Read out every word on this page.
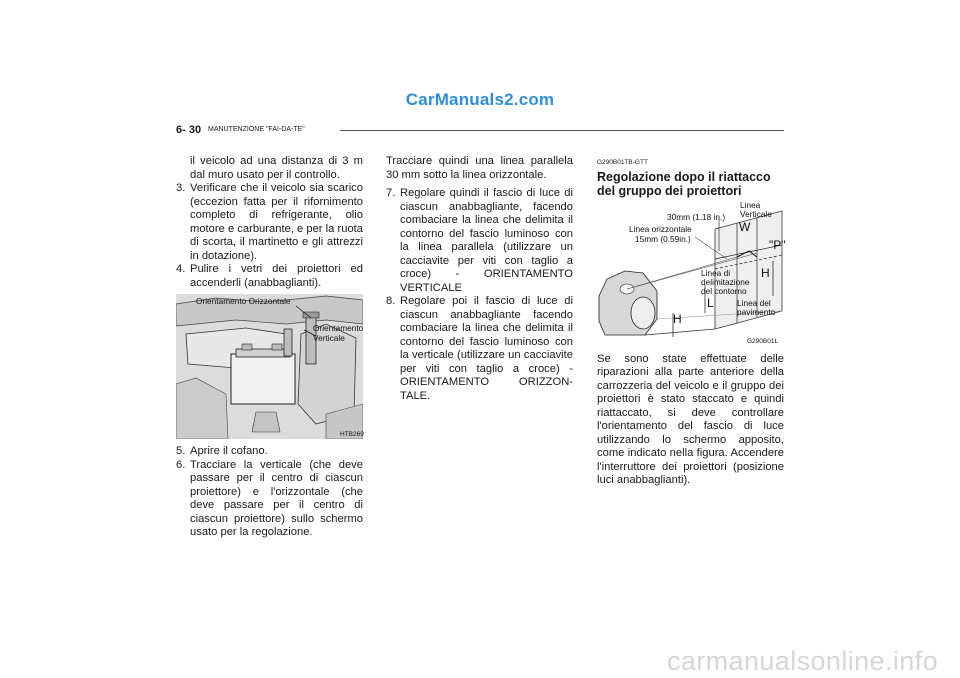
CarManuals2.com
6- 30 MANUTENZIONE "FAI-DA-TE"

il veicolo ad una distanza di 3 m dal muro usato per il controllo.

3. Verificare che il veicolo sia scarico (eccezion fatta per il rifornimento completo di refrigerante, olio motore e carburante, e per la ruota di scorta, il martinetto e gli attrezzi in dotazione).
4. Pulire i vetri dei proiettori ed accenderli (anabbaglianti).
Orientamento Orizzontale
Orientamento
Verticale
HTB269
5. Aprire il cofano.
6. Tracciare la verticale (che deve passare per il centro di ciascun proiettore) e l'orizzontale (che deve passare per il centro di ciascun proiettore) sullo schermo usato per la regolazione.

Tracciare quindi una linea parallela 30 mm sotto la linea orizzontale.

7. Regolare quindi il fascio di luce di ciascun anabbagliante, facendo combaciare la linea che delimita il contorno del fascio luminoso con la linea parallela (utilizzare un cacciavite per viti con taglio a croce) - ORIENTAMENTO VERTICALE
8. Regolare poi il fascio di luce di ciascun anabbagliante facendo combaciare la linea che delimita il contorno del fascio luminoso con la verticale (utilizzare un cacciavite per viti con taglio a croce) - ORIENTAMENTO ORIZZON-TALE.

G290B01TB-GTT

Regolazione dopo il riattacco del gruppo dei proiettori

Linea
Verticale
30mm (1.18 in.)
Linea orizzontale
15mm (0.59in.)
W
"P"
H
Linea di
delimitazione
del contorno
L	Linea del
pavimento
H
G290B01L

Se sono state effettuate delle riparazioni alla parte anteriore della carrozzeria del veicolo e il gruppo dei proiettori è stato staccato e quindi riattaccato, si deve controllare l'orientamento del fascio di luce utilizzando lo schermo apposito, come indicato nella figura. Accendere l'interruttore dei proiettori (posizione luci anabbaglianti).

carmanualsonline.info
